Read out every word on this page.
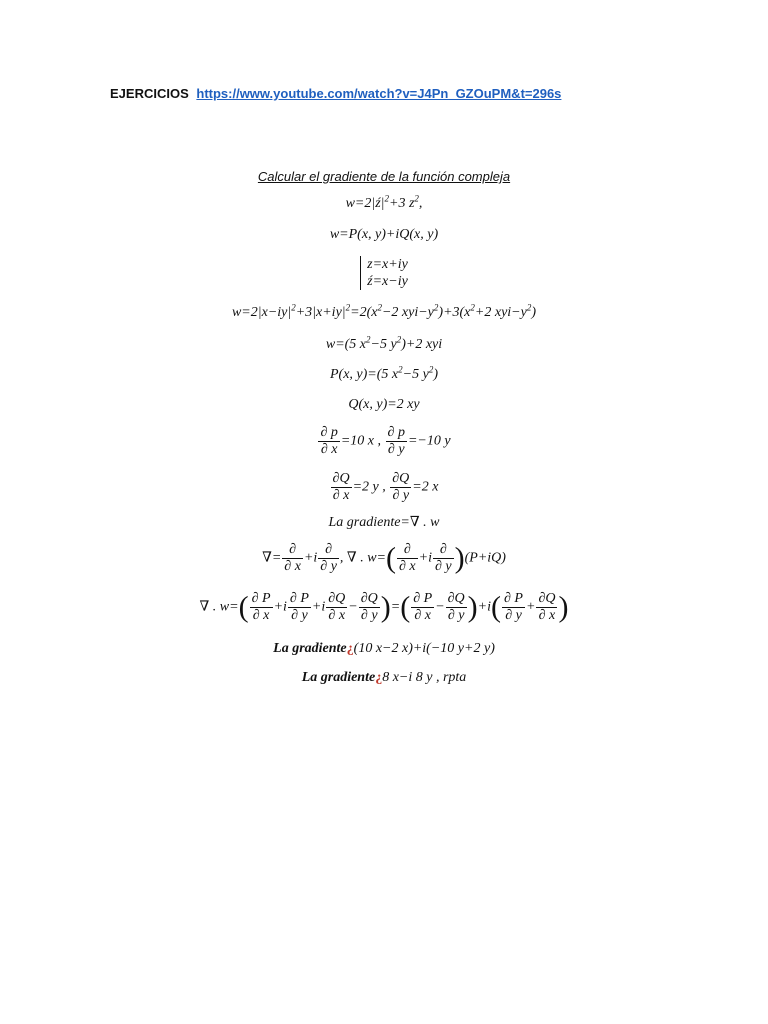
EJERCICIOS https://www.youtube.com/watch?v=J4Pn_GZOuPM&t=296s
Calcular el gradiente de la función compleja
$w=2|ź|^2+3$ $z^2$,
w=P(x, y)+iQ(x, y)
z=x+iy
ź=x−iy
$w=2|x-iy|^2+3|x+iy|^2=2(x^2-2$ $xyi-y^2)+3(x^2+2$ $xyi-y^2$)
w=(5 $x^2-5$ $y^2)+2$ xyi
P(x, y)=(5 $x^2-5$ $y^2$)
Q(x, y)=2 xy
$\frac{\partial p}{\partial x} =10$ x , $\frac{\partial p}{\partial y} =-10$ y
$\frac{\partial Q}{\partial x} =2$ y , $\frac{\partial Q}{\partial y} =2$ x
La gradiente=∇ . w
∇= $\frac{\partial}{\partial x} +i \frac{\partial}{\partial y}$ , ∇ . $w=( \frac{\partial}{\partial x} +i \frac{\partial}{\partial y} )(P+iQ)$
∇ . $w=( \frac{\partial P}{\partial x} +i \frac{\partial P}{\partial y} +i \frac{\partial Q}{\partial x} - \frac{\partial Q}{\partial y}$ )=( $\frac{\partial P}{\partial x} - \frac{\partial Q}{\partial y} )+i( \frac{\partial P}{\partial y} + \frac{\partial Q}{\partial x}$ )
La gradiente¿(10 x−2 x)+i(−10 y+2 y)
La gradiente¿8 x−i 8 y , rpta
